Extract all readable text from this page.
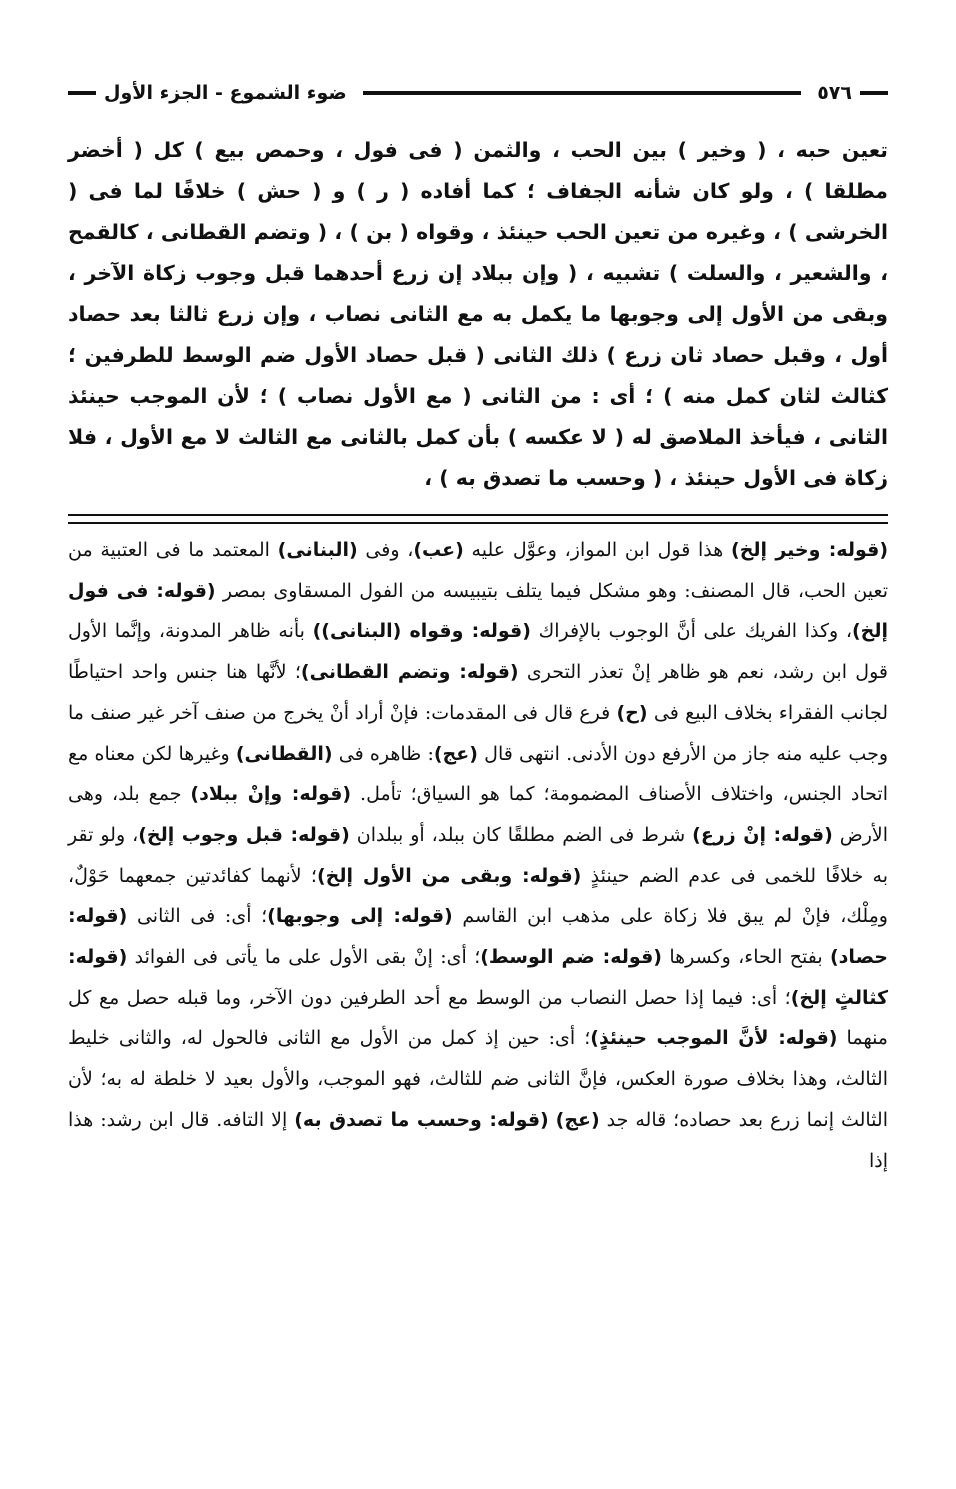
٥٧٦
ضوء الشموع - الجزء الأول
تعين حبه ، ( وخير ) بين الحب ، والثمن ( فى فول ، وحمص بيع ) كل ( أخضر مطلقا ) ، ولو كان شأنه الجفاف ؛ كما أفاده ( ر ) و ( حش ) خلافًا لما فى ( الخرشى ) ، وغيره من تعين الحب حينئذ ، وقواه ( بن ) ، ( وتضم القطانى ، كالقمح ، والشعير ، والسلت ) تشبيه ، ( وإن ببلاد إن زرع أحدهما قبل وجوب زكاة الآخر ، وبقى من الأول إلى وجوبها ما يكمل به مع الثانى نصاب ، وإن زرع ثالثا بعد حصاد أول ، وقبل حصاد ثان زرع ) ذلك الثانى ( قبل حصاد الأول ضم الوسط للطرفين ؛ كثالث لثان كمل منه ) ؛ أى : من الثانى ( مع الأول نصاب ) ؛ لأن الموجب حينئذ الثانى ، فيأخذ الملاصق له ( لا عكسه ) بأن كمل بالثانى مع الثالث لا مع الأول ، فلا زكاة فى الأول حينئذ ، ( وحسب ما تصدق به ) ،
(قوله: وخير إلخ) هذا قول ابن المواز، وعوَّل عليه (عب)، وفى (البنانى) المعتمد ما فى العتبية من تعين الحب، قال المصنف: وهو مشكل فيما يتلف بتيبيسه من الفول المسقاوى بمصر (قوله: فى فول إلخ)، وكذا الفريك على أنَّ الوجوب بالإفراك (قوله: وقواه (البنانى)) بأنه ظاهر المدونة، وإنَّما الأول قول ابن رشد، نعم هو ظاهر إنْ تعذر التحرى (قوله: وتضم القطانى)؛ لأنَّها هنا جنس واحد احتياطًا لجانب الفقراء بخلاف البيع فى (ح) فرع قال فى المقدمات: فإنْ أراد أنْ يخرج من صنف آخر غير صنف ما وجب عليه منه جاز من الأرفع دون الأدنى. انتهى قال (عج): ظاهره فى (القطانى) وغيرها لكن معناه مع اتحاد الجنس، واختلاف الأصناف المضمومة؛ كما هو السياق؛ تأمل. (قوله: وإنْ ببلاد) جمع بلد، وهى الأرض (قوله: إنْ زرع) شرط فى الضم مطلقًا كان ببلد، أو ببلدان (قوله: قبل وجوب إلخ)، ولو تقر به خلافًا للخمى فى عدم الضم حينئذٍ (قوله: وبقى من الأول إلخ)؛ لأنهما كفائدتين جمعهما حَوْلٌ، ومِلْك، فإنْ لم يبق فلا زكاة على مذهب ابن القاسم (قوله: إلى وجوبها)؛ أى: فى الثانى (قوله: حصاد) بفتح الحاء، وكسرها (قوله: ضم الوسط)؛ أى: إنْ بقى الأول على ما يأتى فى الفوائد (قوله: كثالثٍ إلخ)؛ أى: فيما إذا حصل النصاب من الوسط مع أحد الطرفين دون الآخر، وما قبله حصل مع كل منهما (قوله: لأنَّ الموجب حينئذٍ)؛ أى: حين إذ كمل من الأول مع الثانى فالحول له، والثانى خليط الثالث، وهذا بخلاف صورة العكس، فإنَّ الثانى ضم للثالث، فهو الموجب، والأول بعيد لا خلطة له به؛ لأن الثالث إنما زرع بعد حصاده؛ قاله جد (عج) (قوله: وحسب ما تصدق به) إلا التافه. قال ابن رشد: هذا إذا
